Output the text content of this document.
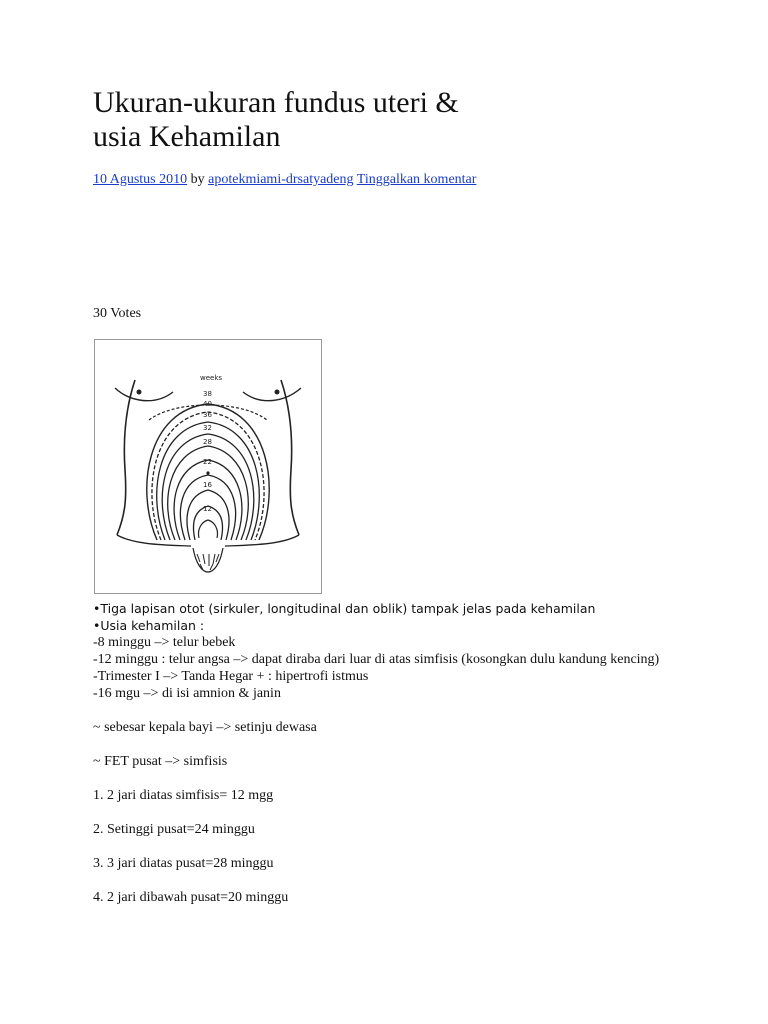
Ukuran-ukuran fundus uteri &
usia Kehamilan
10 Agustus 2010 by apotekmiami-drsatyadeng Tinggalkan komentar
30 Votes
weeks
38
40
36
32
28
22
16
12
•Tiga lapisan otot (sirkuler, longitudinal dan oblik) tampak jelas pada kehamilan
•Usia kehamilan :
-8 minggu –> telur bebek
-12 minggu : telur angsa –> dapat diraba dari luar di atas simfisis (kosongkan dulu kandung kencing)
-Trimester I –> Tanda Hegar + : hipertrofi istmus
-16 mgu –> di isi amnion & janin
~ sebesar kepala bayi –> setinju dewasa
~ FET pusat –> simfisis
1. 2 jari diatas simfisis= 12 mgg
2. Setinggi pusat=24 minggu
3. 3 jari diatas pusat=28 minggu
4. 2 jari dibawah pusat=20 minggu
